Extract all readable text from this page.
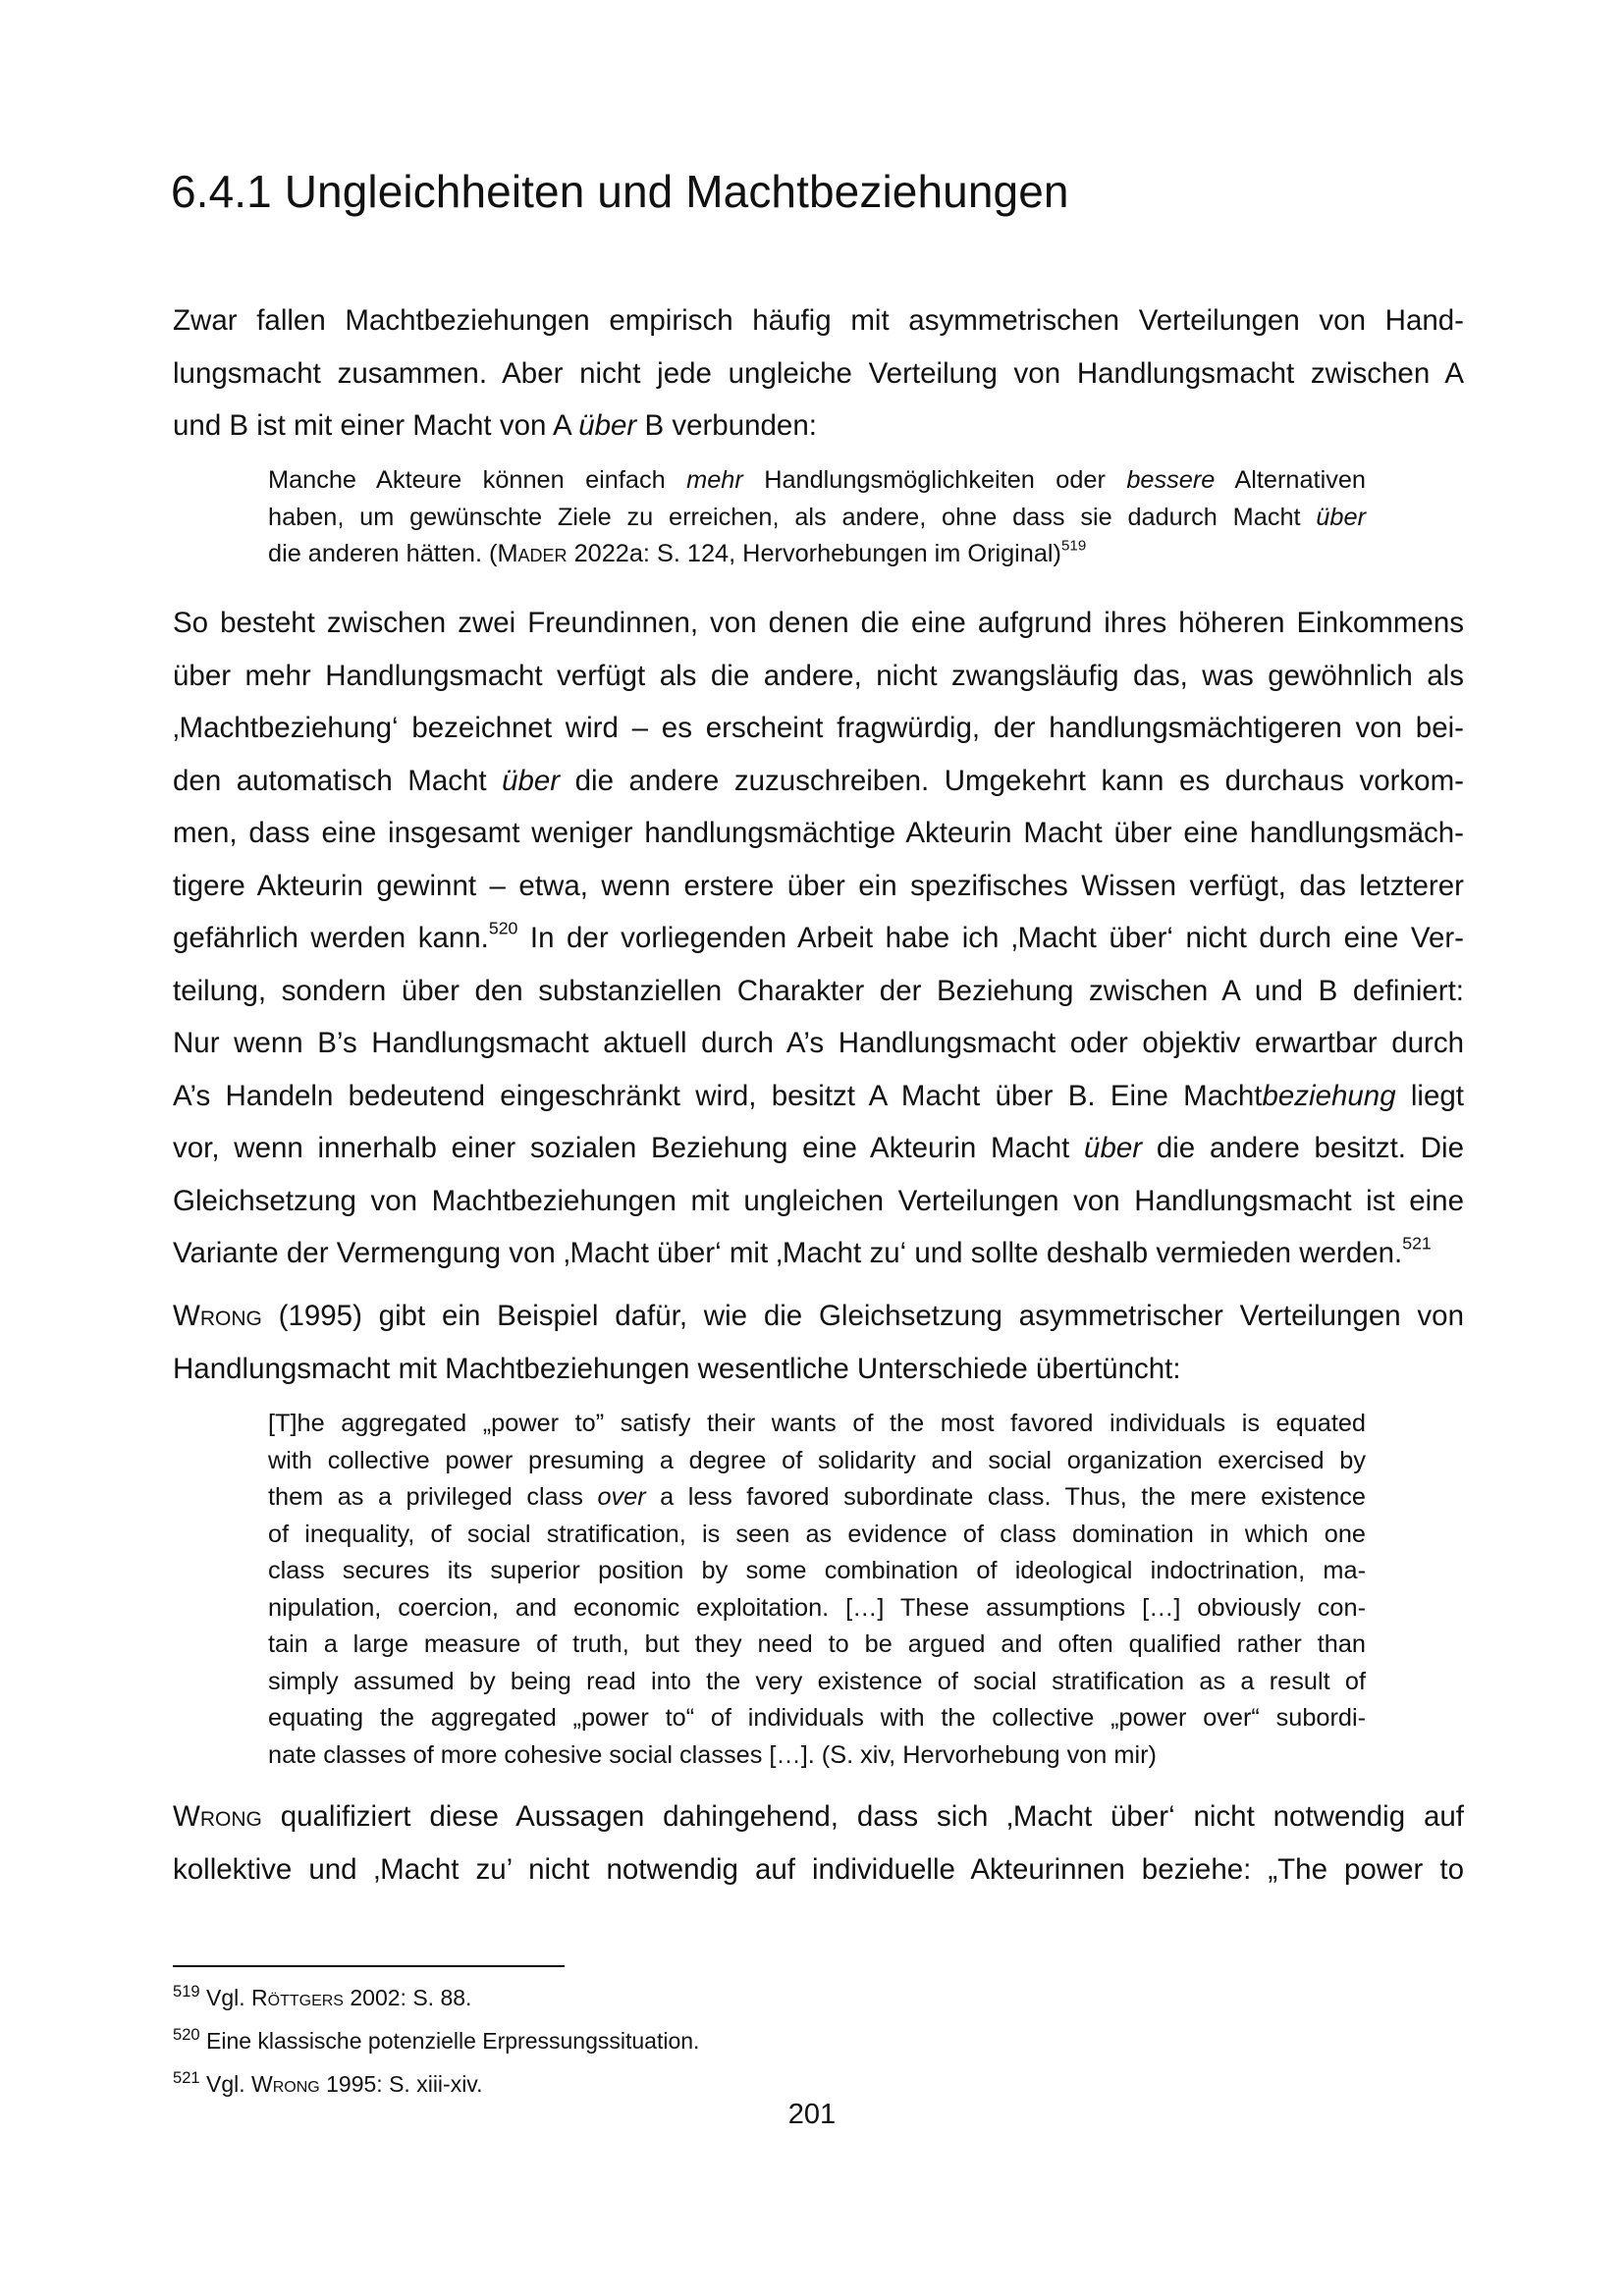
6.4.1 Ungleichheiten und Machtbeziehungen

Zwar fallen Machtbeziehungen empirisch häufig mit asymmetrischen Verteilungen von Hand-
lungsmacht zusammen. Aber nicht jede ungleiche Verteilung von Handlungsmacht zwischen A
und B ist mit einer Macht von A über B verbunden:

Manche Akteure können einfach mehr Handlungsmöglichkeiten oder bessere Alternativen
haben, um gewünschte Ziele zu erreichen, als andere, ohne dass sie dadurch Macht über
die anderen hätten. (Mader 2022a: S. 124, Hervorhebungen im Original)$^{519}$

So besteht zwischen zwei Freundinnen, von denen die eine aufgrund ihres höheren Einkommens
über mehr Handlungsmacht verfügt als die andere, nicht zwangsläufig das, was gewöhnlich als
‚Machtbeziehung‘ bezeichnet wird – es erscheint fragwürdig, der handlungsmächtigeren von bei-
den automatisch Macht über die andere zuzuschreiben. Umgekehrt kann es durchaus vorkom-
men, dass eine insgesamt weniger handlungsmächtige Akteurin Macht über eine handlungsmäch-
tigere Akteurin gewinnt – etwa, wenn erstere über ein spezifisches Wissen verfügt, das letzterer
gefährlich werden kann.$^{520}$ In der vorliegenden Arbeit habe ich ‚Macht über‘ nicht durch eine Ver-
teilung, sondern über den substanziellen Charakter der Beziehung zwischen A und B definiert:
Nur wenn B’s Handlungsmacht aktuell durch A’s Handlungsmacht oder objektiv erwartbar durch
A’s Handeln bedeutend eingeschränkt wird, besitzt A Macht über B. Eine Machtbeziehung liegt
vor, wenn innerhalb einer sozialen Beziehung eine Akteurin Macht über die andere besitzt. Die
Gleichsetzung von Machtbeziehungen mit ungleichen Verteilungen von Handlungsmacht ist eine
Variante der Vermengung von ‚Macht über‘ mit ‚Macht zu‘ und sollte deshalb vermieden werden.$^{521}$

Wrong (1995) gibt ein Beispiel dafür, wie die Gleichsetzung asymmetrischer Verteilungen von
Handlungsmacht mit Machtbeziehungen wesentliche Unterschiede übertüncht:

[T]he aggregated „power to” satisfy their wants of the most favored individuals is equated
with collective power presuming a degree of solidarity and social organization exercised by
them as a privileged class over a less favored subordinate class. Thus, the mere existence
of inequality, of social stratification, is seen as evidence of class domination in which one
class secures its superior position by some combination of ideological indoctrination, ma-
nipulation, coercion, and economic exploitation. […] These assumptions […] obviously con-
tain a large measure of truth, but they need to be argued and often qualified rather than
simply assumed by being read into the very existence of social stratification as a result of
equating the aggregated „power to“ of individuals with the collective „power over“ subordi-
nate classes of more cohesive social classes […]. (S. xiv, Hervorhebung von mir)

Wrong qualifiziert diese Aussagen dahingehend, dass sich ‚Macht über‘ nicht notwendig auf
kollektive und ‚Macht zu’ nicht notwendig auf individuelle Akteurinnen beziehe: „The power to

$^{519}$ Vgl. Röttgers 2002: S. 88.

$^{520}$ Eine klassische potenzielle Erpressungssituation.

$^{521}$ Vgl. Wrong 1995: S. xiii-xiv.

201
